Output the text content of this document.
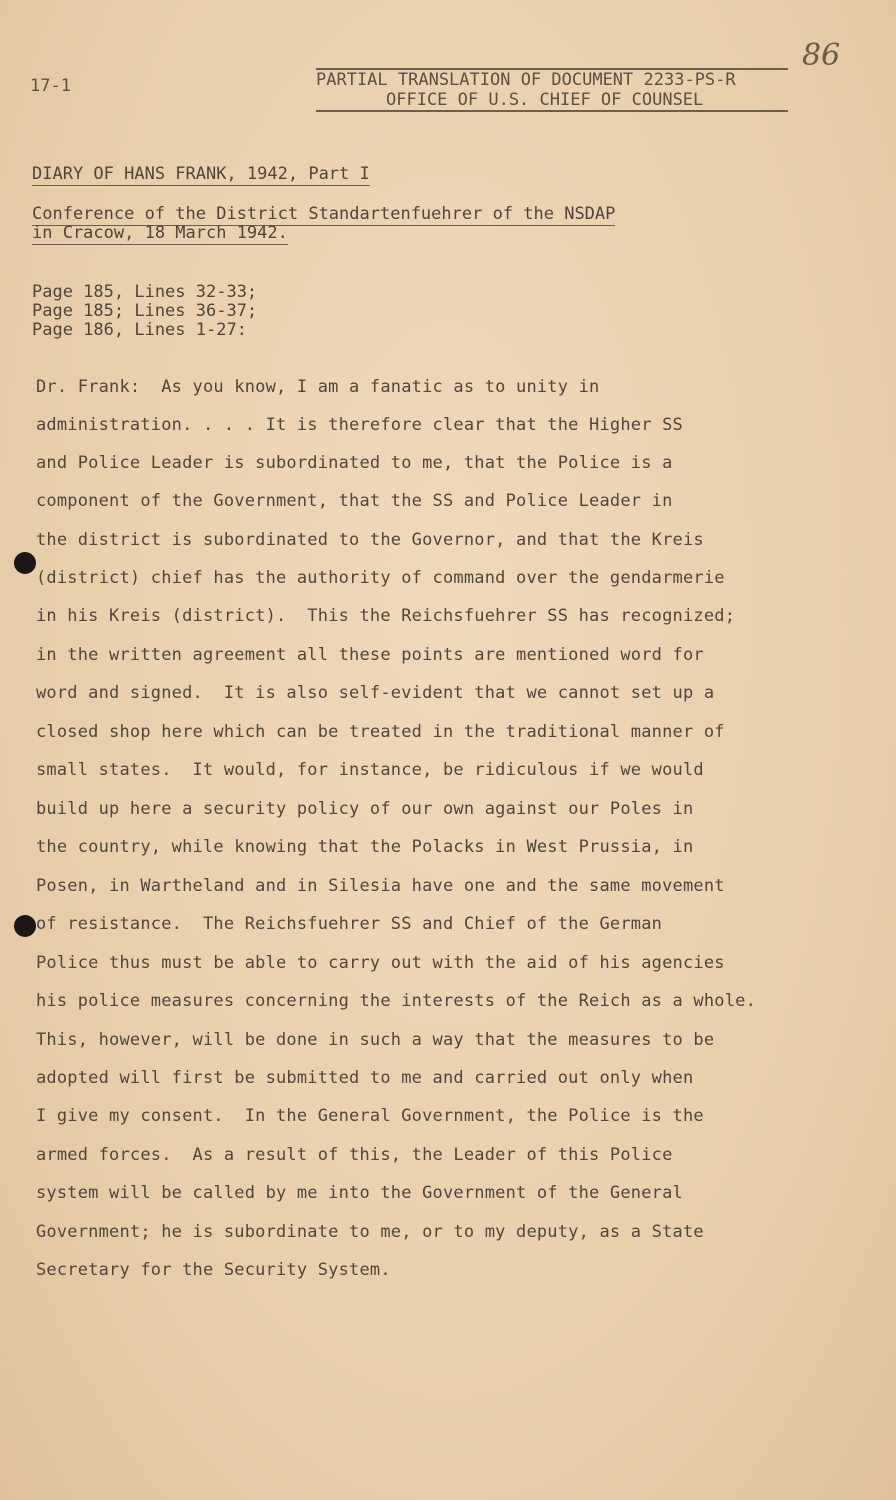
86
17-1	PARTIAL TRANSLATION OF DOCUMENT 2233-PS-R
OFFICE OF U.S. CHIEF OF COUNSEL
DIARY OF HANS FRANK, 1942, Part I
Conference of the District Standartenfuehrer of the NSDAP
in Cracow, 18 March 1942.
Page 185, Lines 32-33;
Page 185; Lines 36-37;
Page 186, Lines 1-27:
Dr. Frank:  As you know, I am a fanatic as to unity in
administration. . . . It is therefore clear that the Higher SS
and Police Leader is subordinated to me, that the Police is a
component of the Government, that the SS and Police Leader in
the district is subordinated to the Governor, and that the Kreis
(district) chief has the authority of command over the gendarmerie
in his Kreis (district).  This the Reichsfuehrer SS has recognized;
in the written agreement all these points are mentioned word for
word and signed.  It is also self-evident that we cannot set up a
closed shop here which can be treated in the traditional manner of
small states.  It would, for instance, be ridiculous if we would
build up here a security policy of our own against our Poles in
the country, while knowing that the Polacks in West Prussia, in
Posen, in Wartheland and in Silesia have one and the same movement
of resistance.  The Reichsfuehrer SS and Chief of the German
Police thus must be able to carry out with the aid of his agencies
his police measures concerning the interests of the Reich as a whole.
This, however, will be done in such a way that the measures to be
adopted will first be submitted to me and carried out only when
I give my consent.  In the General Government, the Police is the
armed forces.  As a result of this, the Leader of this Police
system will be called by me into the Government of the General
Government; he is subordinate to me, or to my deputy, as a State
Secretary for the Security System.
